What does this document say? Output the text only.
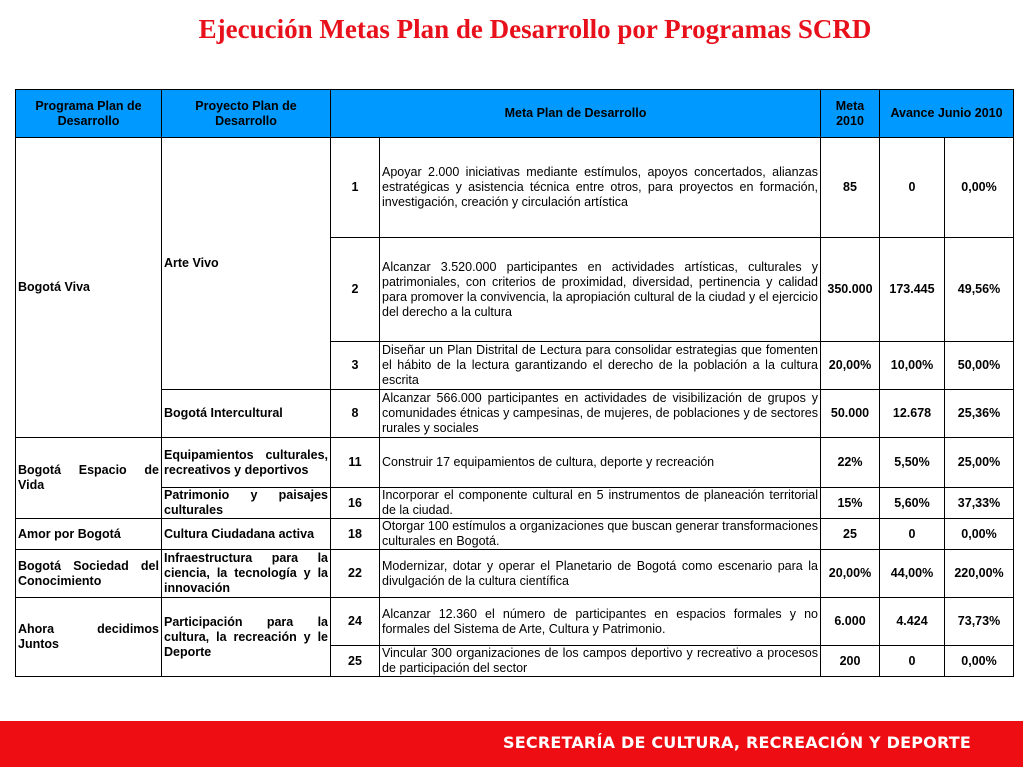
Ejecución Metas Plan de Desarrollo por Programas SCRD
Programa Plan de Desarrollo	Proyecto Plan de Desarrollo	Meta Plan de Desarrollo		Meta 2010	Avance Junio 2010	
Bogotá Viva	Arte Vivo	1	Apoyar 2.000 iniciativas mediante estímulos, apoyos concertados, alianzas estratégicas y asistencia técnica entre otros, para proyectos en formación, investigación, creación y circulación artística	85	0	0,00%
		2	Alcanzar 3.520.000 participantes en actividades artísticas, culturales y patrimoniales, con criterios de proximidad, diversidad, pertinencia y calidad para promover la convivencia, la apropiación cultural de la ciudad y el ejercicio del derecho a la cultura	350.000	173.445	49,56%
		3	Diseñar un Plan Distrital de Lectura para consolidar estrategias que fomenten el hábito de la lectura garantizando el derecho de la población a la cultura escrita	20,00%	10,00%	50,00%
	Bogotá Intercultural	8	Alcanzar 566.000 participantes en actividades de visibilización de grupos y comunidades étnicas y campesinas, de mujeres, de poblaciones y de sectores rurales y sociales	50.000	12.678	25,36%
Bogotá Espacio de Vida	Equipamientos culturales, recreativos y deportivos	11	Construir 17 equipamientos de cultura, deporte y recreación	22%	5,50%	25,00%
	Patrimonio y paisajes culturales	16	Incorporar el componente cultural en 5 instrumentos de planeación territorial de la ciudad.	15%	5,60%	37,33%
Amor por Bogotá	Cultura Ciudadana activa	18	Otorgar 100 estímulos a organizaciones que buscan generar transformaciones culturales en Bogotá.	25	0	0,00%
Bogotá Sociedad del Conocimiento	Infraestructura para la ciencia, la tecnología y la innovación	22	Modernizar, dotar y operar el Planetario de Bogotá como escenario para la divulgación de la cultura científica	20,00%	44,00%	220,00%
Ahora decidimos Juntos	Participación para la cultura, la recreación y le Deporte	24	Alcanzar 12.360 el número de participantes en espacios formales y no formales del Sistema de Arte, Cultura y Patrimonio.	6.000	4.424	73,73%
		25	Vincular 300 organizaciones de los campos deportivo y recreativo a procesos de participación del sector	200	0	0,00%
SECRETARÍA DE CULTURA, RECREACIÓN Y DEPORTE
